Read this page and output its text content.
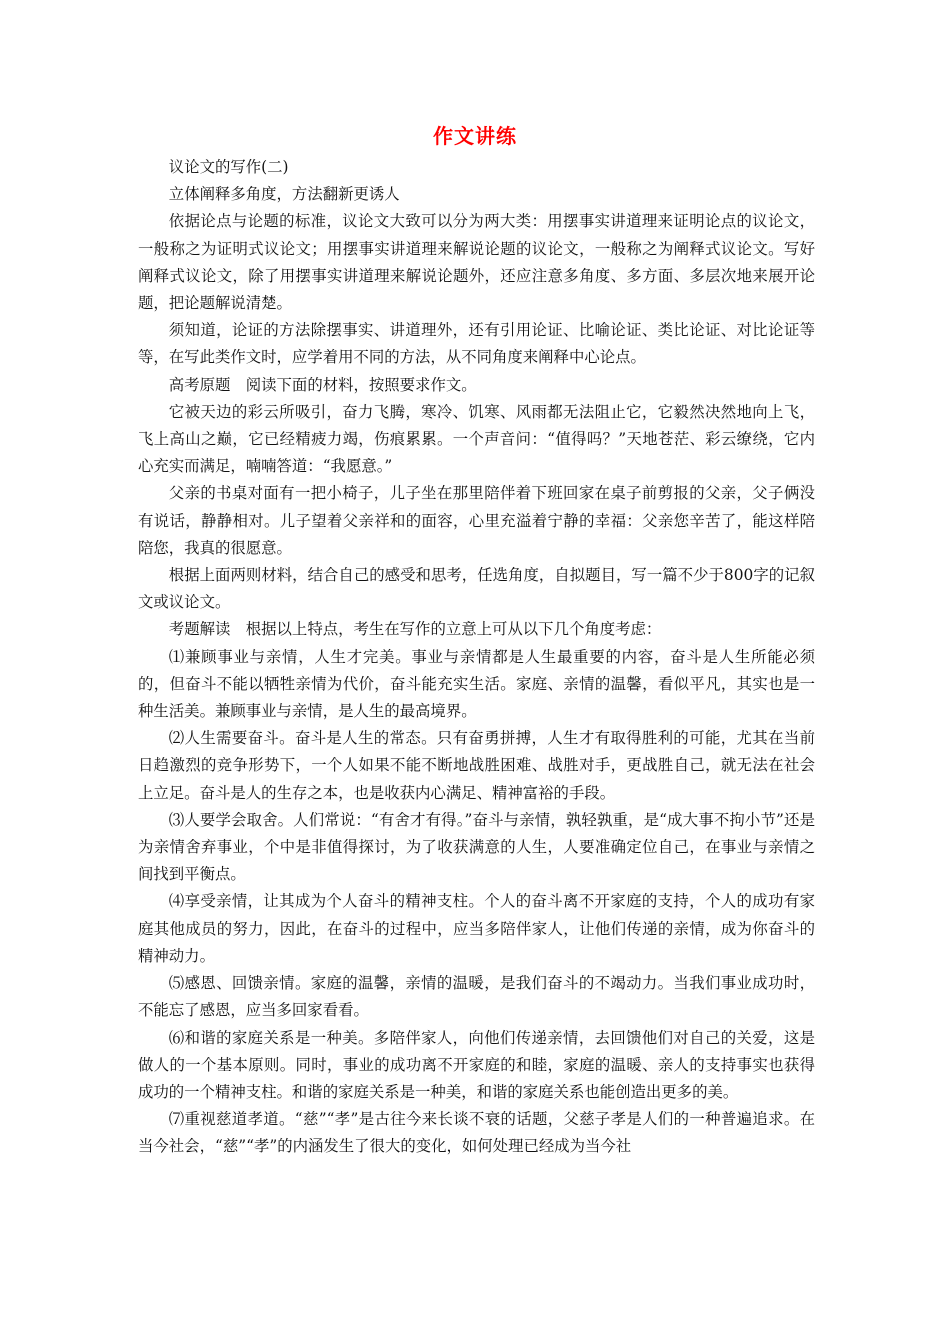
作文讲练

议论文的写作(二)

立体阐释多角度，方法翻新更诱人

依据论点与论题的标准，议论文大致可以分为两大类：用摆事实讲道理来证明论点的议论文，一般称之为证明式议论文；用摆事实讲道理来解说论题的议论文，一般称之为阐释式议论文。写好阐释式议论文，除了用摆事实讲道理来解说论题外，还应注意多角度、多方面、多层次地来展开论题，把论题解说清楚。

须知道，论证的方法除摆事实、讲道理外，还有引用论证、比喻论证、类比论证、对比论证等等，在写此类作文时，应学着用不同的方法，从不同角度来阐释中心论点。

高考原题　阅读下面的材料，按照要求作文。

它被天边的彩云所吸引，奋力飞腾，寒冷、饥寒、风雨都无法阻止它，它毅然决然地向上飞，飞上高山之巅，它已经精疲力竭，伤痕累累。一个声音问：“值得吗？”天地苍茫、彩云缭绕，它内心充实而满足，喃喃答道：“我愿意。”

父亲的书桌对面有一把小椅子，儿子坐在那里陪伴着下班回家在桌子前剪报的父亲，父子俩没有说话，静静相对。儿子望着父亲祥和的面容，心里充溢着宁静的幸福：父亲您辛苦了，能这样陪陪您，我真的很愿意。

根据上面两则材料，结合自己的感受和思考，任选角度，自拟题目，写一篇不少于800字的记叙文或议论文。

考题解读　根据以上特点，考生在写作的立意上可从以下几个角度考虑：

⑴兼顾事业与亲情，人生才完美。事业与亲情都是人生最重要的内容，奋斗是人生所能必须的，但奋斗不能以牺牲亲情为代价，奋斗能充实生活。家庭、亲情的温馨，看似平凡，其实也是一种生活美。兼顾事业与亲情，是人生的最高境界。

⑵人生需要奋斗。奋斗是人生的常态。只有奋勇拼搏，人生才有取得胜利的可能，尤其在当前日趋激烈的竞争形势下，一个人如果不能不断地战胜困难、战胜对手，更战胜自己，就无法在社会上立足。奋斗是人的生存之本，也是收获内心满足、精神富裕的手段。

⑶人要学会取舍。人们常说：“有舍才有得。”奋斗与亲情，孰轻孰重，是“成大事不拘小节”还是为亲情舍弃事业，个中是非值得探讨，为了收获满意的人生，人要准确定位自己，在事业与亲情之间找到平衡点。

⑷享受亲情，让其成为个人奋斗的精神支柱。个人的奋斗离不开家庭的支持，个人的成功有家庭其他成员的努力，因此，在奋斗的过程中，应当多陪伴家人，让他们传递的亲情，成为你奋斗的精神动力。

⑸感恩、回馈亲情。家庭的温馨，亲情的温暖，是我们奋斗的不竭动力。当我们事业成功时，不能忘了感恩，应当多回家看看。

⑹和谐的家庭关系是一种美。多陪伴家人，向他们传递亲情，去回馈他们对自己的关爱，这是做人的一个基本原则。同时，事业的成功离不开家庭的和睦，家庭的温暖、亲人的支持事实也获得成功的一个精神支柱。和谐的家庭关系是一种美，和谐的家庭关系也能创造出更多的美。

⑺重视慈道孝道。“慈”“孝”是古往今来长谈不衰的话题，父慈子孝是人们的一种普遍追求。在当今社会，“慈”“孝”的内涵发生了很大的变化，如何处理已经成为当今社
